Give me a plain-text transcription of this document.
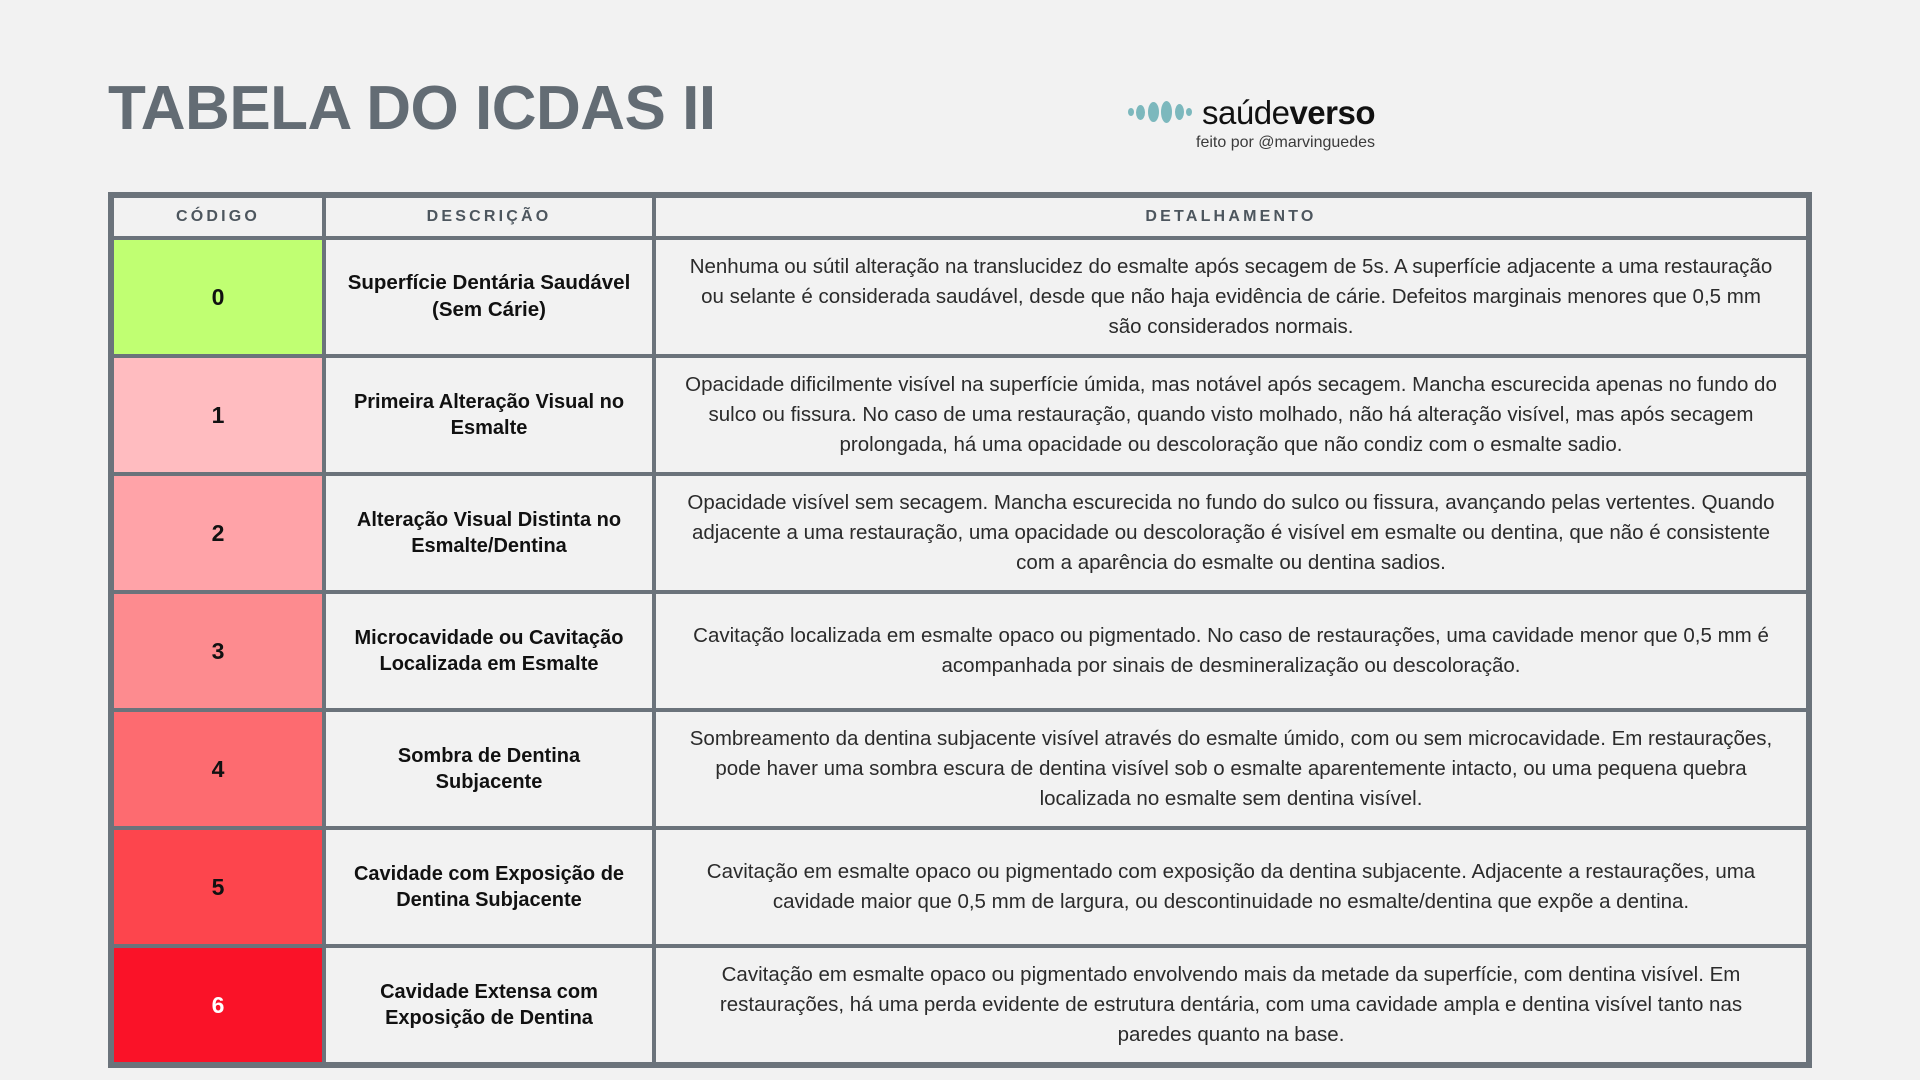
TABELA DO ICDAS II	saúdeverso
feito por @marvinguedes
CÓDIGO	DESCRIÇÃO	DETALHAMENTO
0	Superfície Dentária Saudável (Sem Cárie)	Nenhuma ou sútil alteração na translucidez do esmalte após secagem de 5s. A superfície adjacente a uma restauração ou selante é considerada saudável, desde que não haja evidência de cárie. Defeitos marginais menores que 0,5 mm são considerados normais.
1	Primeira Alteração Visual no Esmalte	Opacidade dificilmente visível na superfície úmida, mas notável após secagem. Mancha escurecida apenas no fundo do sulco ou fissura. No caso de uma restauração, quando visto molhado, não há alteração visível, mas após secagem prolongada, há uma opacidade ou descoloração que não condiz com o esmalte sadio.
2	Alteração Visual Distinta no Esmalte/Dentina	Opacidade visível sem secagem. Mancha escurecida no fundo do sulco ou fissura, avançando pelas vertentes. Quando adjacente a uma restauração, uma opacidade ou descoloração é visível em esmalte ou dentina, que não é consistente com a aparência do esmalte ou dentina sadios.
3	Microcavidade ou Cavitação Localizada em Esmalte	Cavitação localizada em esmalte opaco ou pigmentado. No caso de restaurações, uma cavidade menor que 0,5 mm é acompanhada por sinais de desmineralização ou descoloração.
4	Sombra de Dentina Subjacente	Sombreamento da dentina subjacente visível através do esmalte úmido, com ou sem microcavidade. Em restaurações, pode haver uma sombra escura de dentina visível sob o esmalte aparentemente intacto, ou uma pequena quebra localizada no esmalte sem dentina visível.
5	Cavidade com Exposição de Dentina Subjacente	Cavitação em esmalte opaco ou pigmentado com exposição da dentina subjacente. Adjacente a restaurações, uma cavidade maior que 0,5 mm de largura, ou descontinuidade no esmalte/dentina que expõe a dentina.
6	Cavidade Extensa com Exposição de Dentina	Cavitação em esmalte opaco ou pigmentado envolvendo mais da metade da superfície, com dentina visível. Em restaurações, há uma perda evidente de estrutura dentária, com uma cavidade ampla e dentina visível tanto nas paredes quanto na base.
